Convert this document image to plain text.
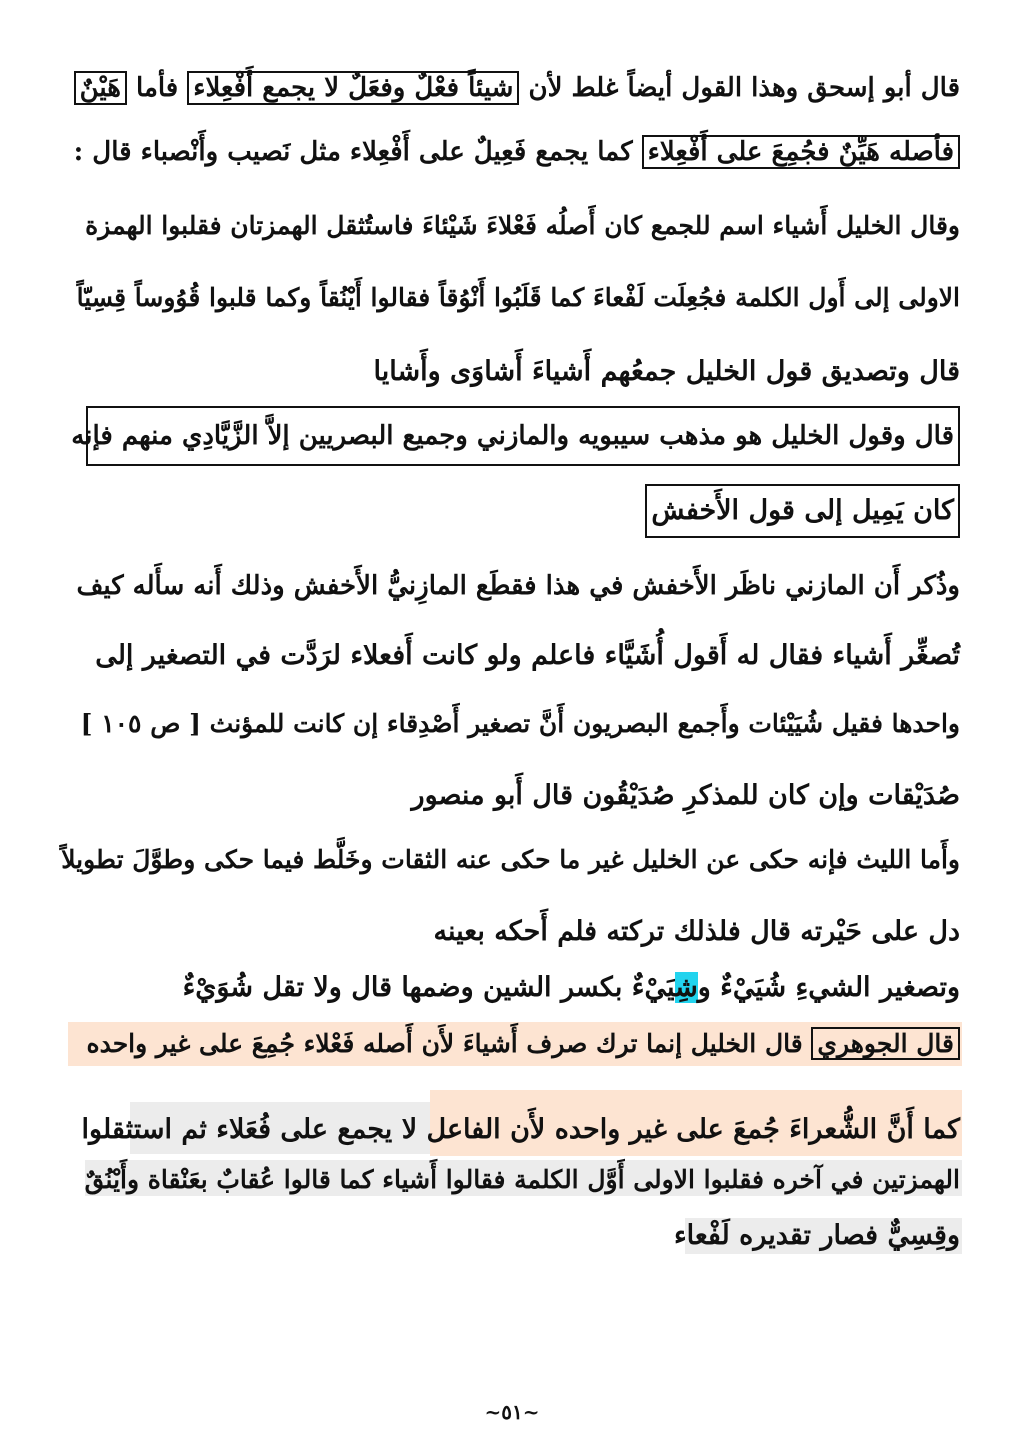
قال أبو إسحق وهذا القول أيضاً غلط لأن شيئاً فعْلٌ وفعَلٌ لا يجمع أَفْعِلاء فأما هَيْنٌ
فأصله هَيِّنٌ فجُمِعَ على أَفْعِلاء كما يجمع فَعِيلٌ على أَفْعِلاء مثل نَصيب وأَنْصباء قال :
وقال الخليل أَشياء اسم للجمع كان أَصلُه فَعْلاءَ شَيْئاءَ فاستُثقل الهمزتان فقلبوا الهمزة
الاولى إلى أَول الكلمة فجُعِلَت لَفْعاءَ كما قَلَبُوا أَنْوُقاً فقالوا أَيْنُقاً وكما قلبوا قُوُوساً قِسِيّاً
قال وتصديق قول الخليل جمعُهم أَشياءَ أَشاوَى وأَشايا
قال وقول الخليل هو مذهب سيبويه والمازني وجميع البصريين إلاَّ الزَّيَّادِي منهم فإنه
كان يَمِيل إلى قول الأَخفش
وذُكر أَن المازني ناظَر الأَخفش في هذا فقطَع المازِنيُّ الأَخفش وذلك أَنه سأَله كيف
تُصغِّر أَشياء فقال له أَقول أُشَيَّاء فاعلم ولو كانت أَفعلاء لرَدَّت في التصغير إلى
واحدها فقيل شُيَيْئات وأَجمع البصريون أَنَّ تصغير أَصْدِقاء إن كانت للمؤنث [ ص ١٠٥ ]
صُدَيْقات وإن كان للمذكرِ صُدَيْقُون قال أَبو منصور
وأَما الليث فإنه حكى عن الخليل غير ما حكى عنه الثقات وخَلَّط فيما حكى وطوَّلَ تطويلاً
دل على حَيْرته قال فلذلك تركته فلم أَحكه بعينه
وتصغير الشيءِ شُيَيْءٌ وشِيَيْءٌ بكسر الشين وضمها قال ولا تقل شُوَيْءٌ
قال الجوهري قال الخليل إنما ترك صرف أَشياءَ لأَن أَصله فَعْلاء جُمِعَ على غير واحده
كما أَنَّ الشُّعراءَ جُمعَ على غير واحده لأَن الفاعل لا يجمع على فُعَلاء ثم استثقلوا
الهمزتين في آخره فقلبوا الاولى أَوَّل الكلمة فقالوا أَشياء كما قالوا عُقابٌ بعَنْقاة وأَيْنُقٌ
وقِسِيٌّ فصار تقديره لَفْعاء
~٥١~
